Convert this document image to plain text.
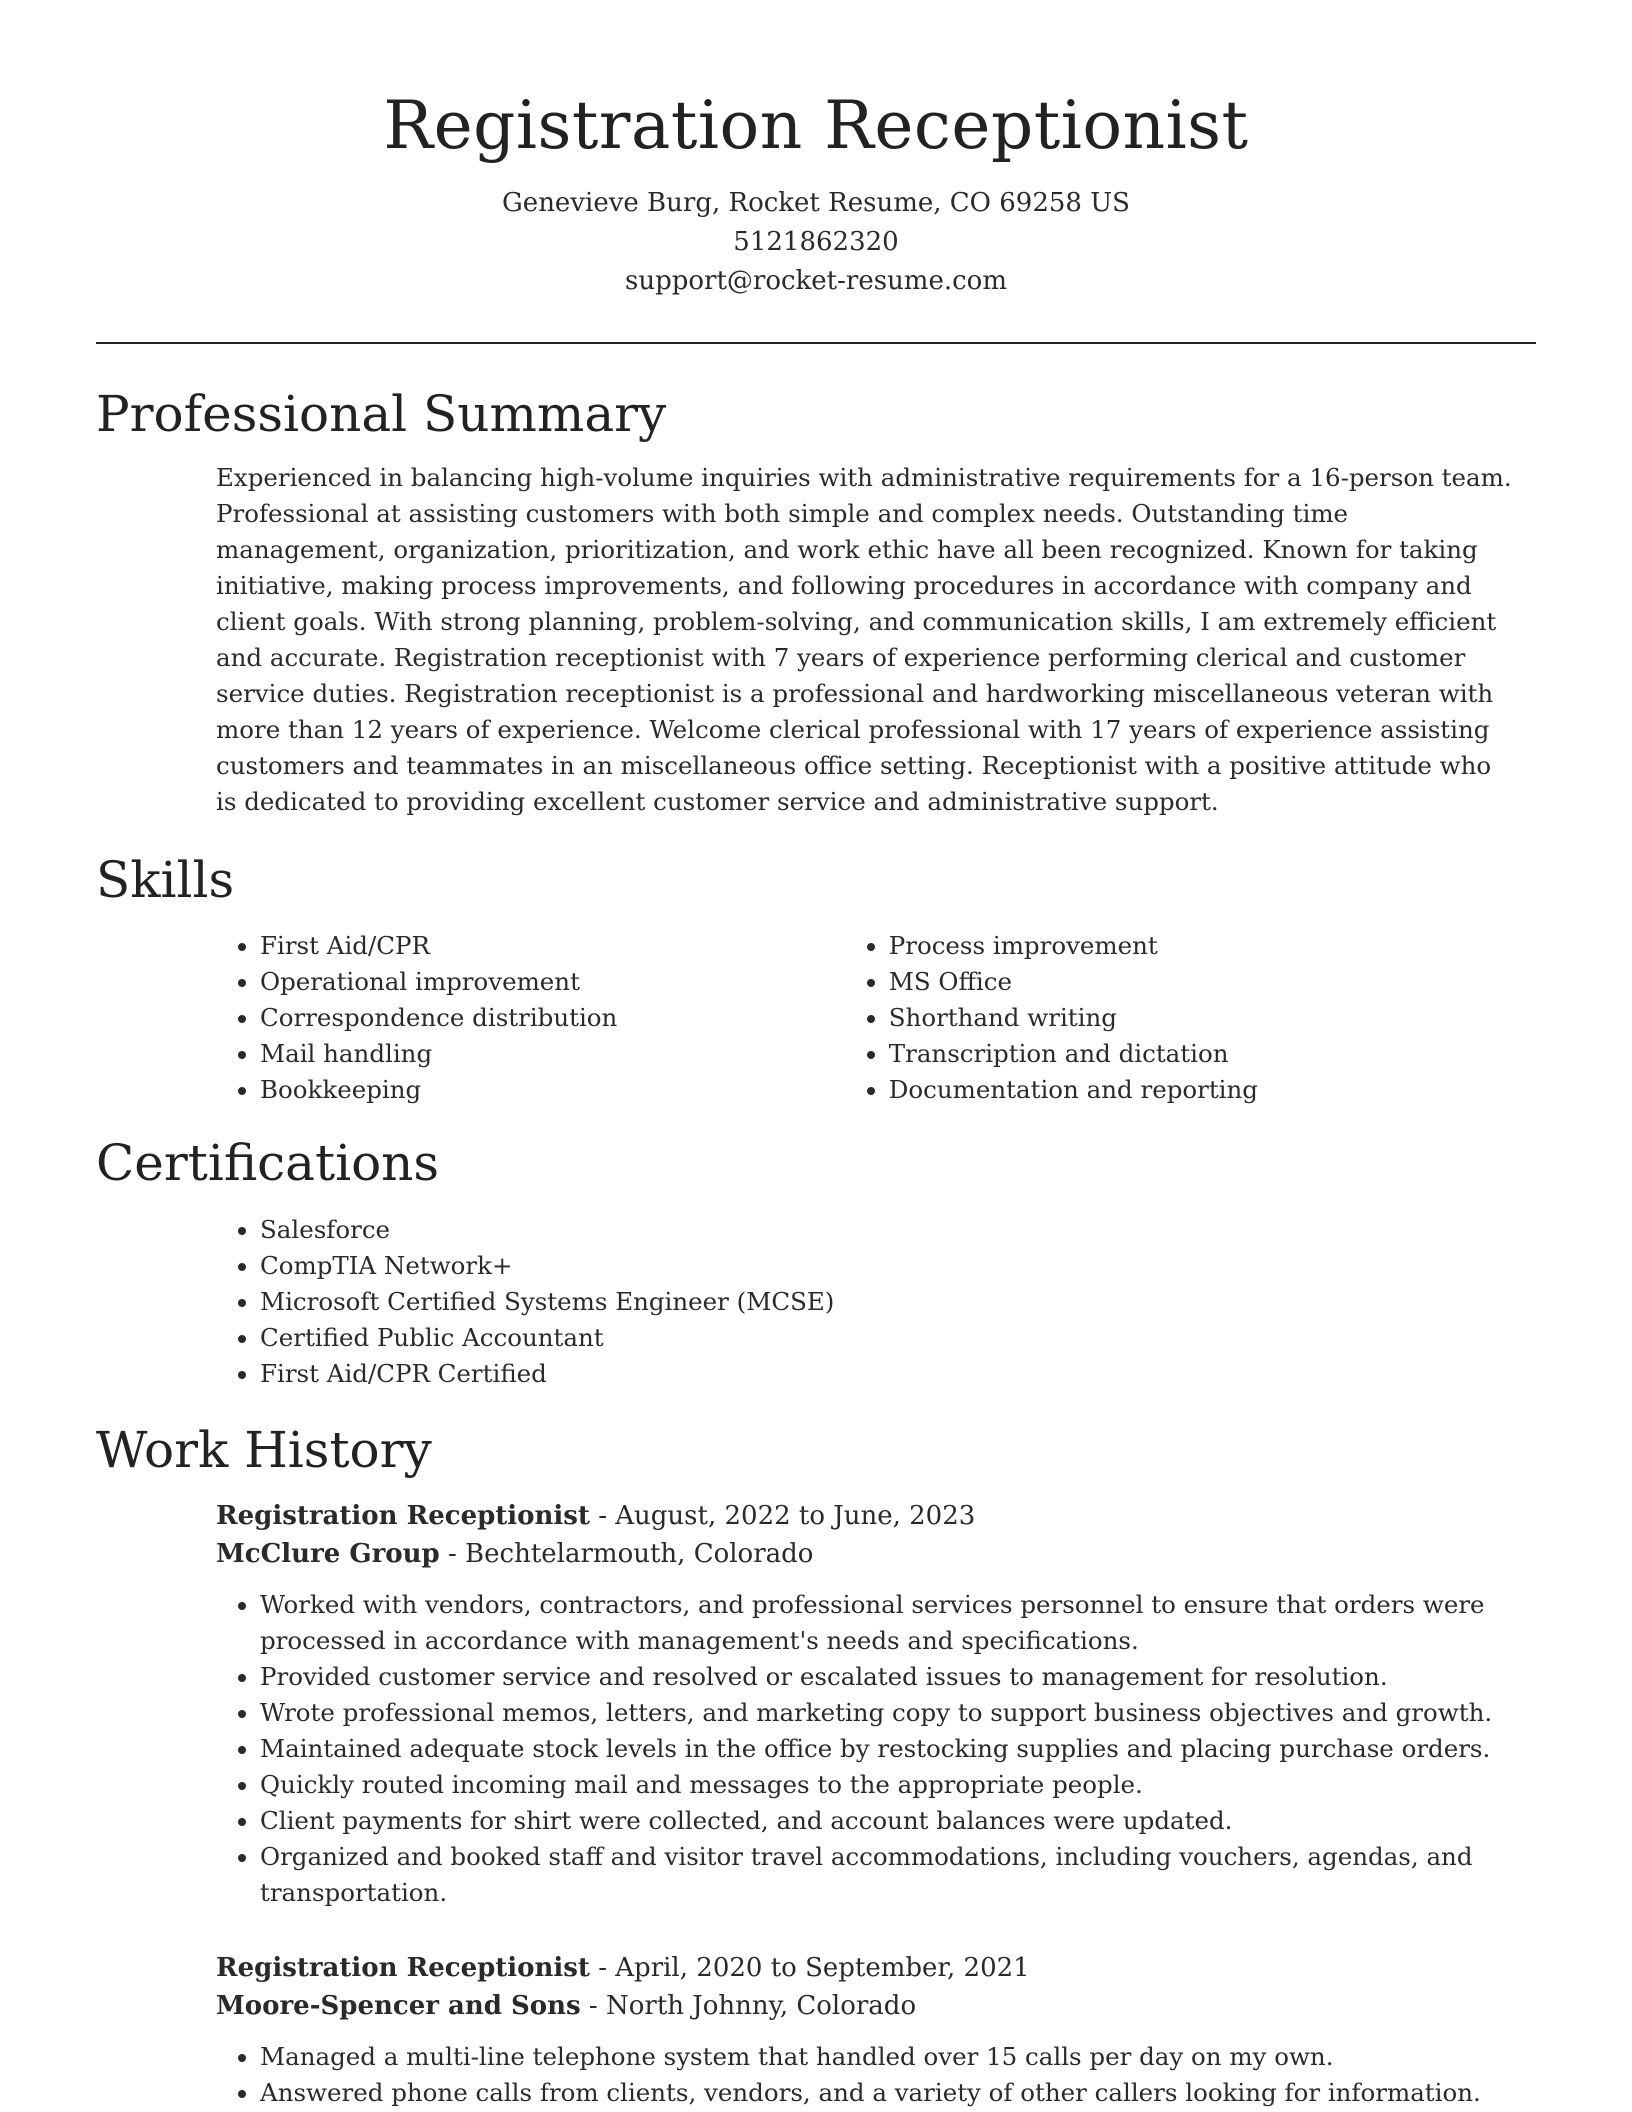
Registration Receptionist
Genevieve Burg, Rocket Resume, CO 69258 US
5121862320
support@rocket-resume.com
Professional Summary

Experienced in balancing high-volume inquiries with administrative requirements for a 16-person team. Professional at assisting customers with both simple and complex needs. Outstanding time management, organization, prioritization, and work ethic have all been recognized. Known for taking initiative, making process improvements, and following procedures in accordance with company and client goals. With strong planning, problem-solving, and communication skills, I am extremely efficient and accurate. Registration receptionist with 7 years of experience performing clerical and customer service duties. Registration receptionist is a professional and hardworking miscellaneous veteran with more than 12 years of experience. Welcome clerical professional with 17 years of experience assisting customers and teammates in an miscellaneous office setting. Receptionist with a positive attitude who is dedicated to providing excellent customer service and administrative support.

Skills
• First Aid/CPR
• Operational improvement
• Correspondence distribution
• Mail handling
• Bookkeeping
• Process improvement
• MS Office
• Shorthand writing
• Transcription and dictation
• Documentation and reporting
Certifications
• Salesforce
• CompTIA Network+
• Microsoft Certified Systems Engineer (MCSE)
• Certified Public Accountant
• First Aid/CPR Certified
Work History
Registration Receptionist - August, 2022 to June, 2023
McClure Group - Bechtelarmouth, Colorado
• Worked with vendors, contractors, and professional services personnel to ensure that orders were processed in accordance with management's needs and specifications.
• Provided customer service and resolved or escalated issues to management for resolution.
• Wrote professional memos, letters, and marketing copy to support business objectives and growth.
• Maintained adequate stock levels in the office by restocking supplies and placing purchase orders.
• Quickly routed incoming mail and messages to the appropriate people.
• Client payments for shirt were collected, and account balances were updated.
• Organized and booked staff and visitor travel accommodations, including vouchers, agendas, and transportation.
Registration Receptionist - April, 2020 to September, 2021
Moore-Spencer and Sons - North Johnny, Colorado
• Managed a multi-line telephone system that handled over 15 calls per day on my own.
• Answered phone calls from clients, vendors, and a variety of other callers looking for information.
